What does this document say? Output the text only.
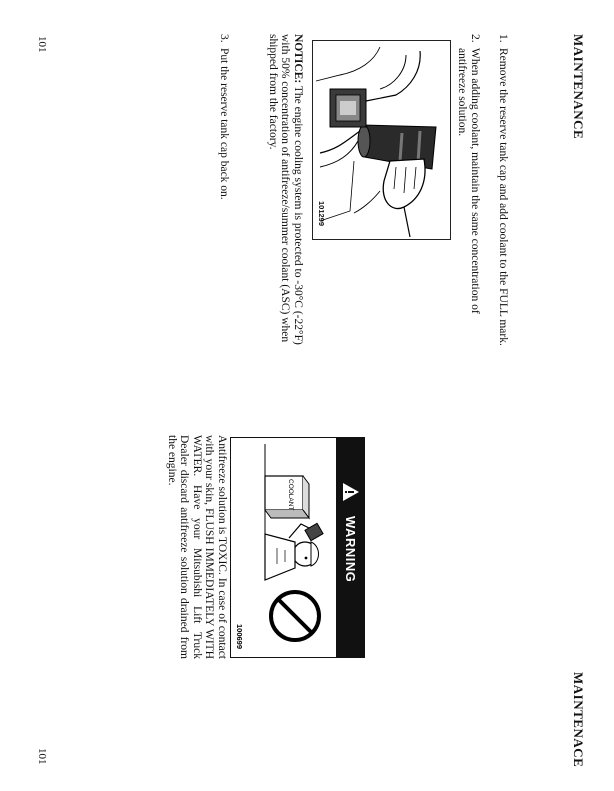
MAINTENANCE
MAINTENACE
1.Remove the reserve tank cap and add coolant to the FULL mark.
2.When adding coolant, maintain the same concentration of antifreeze solution.
101299
NOTICE: The engine cooling system is protected to -30°C (-22°F) with 50% concentration of antifreeze/summer coolant (ASC) when shipped from the factory.
3.Put the reserve tank cap back on.
WARNING
COOLANT
100699
Antifreeze solution is TOXIC. In case of contact with your skin, FLUSH IMMEDIATELY WITH WATER. Have your Mitsubishi Lift Truck Dealer discard antifreeze solution drained from the engine.
101
101
